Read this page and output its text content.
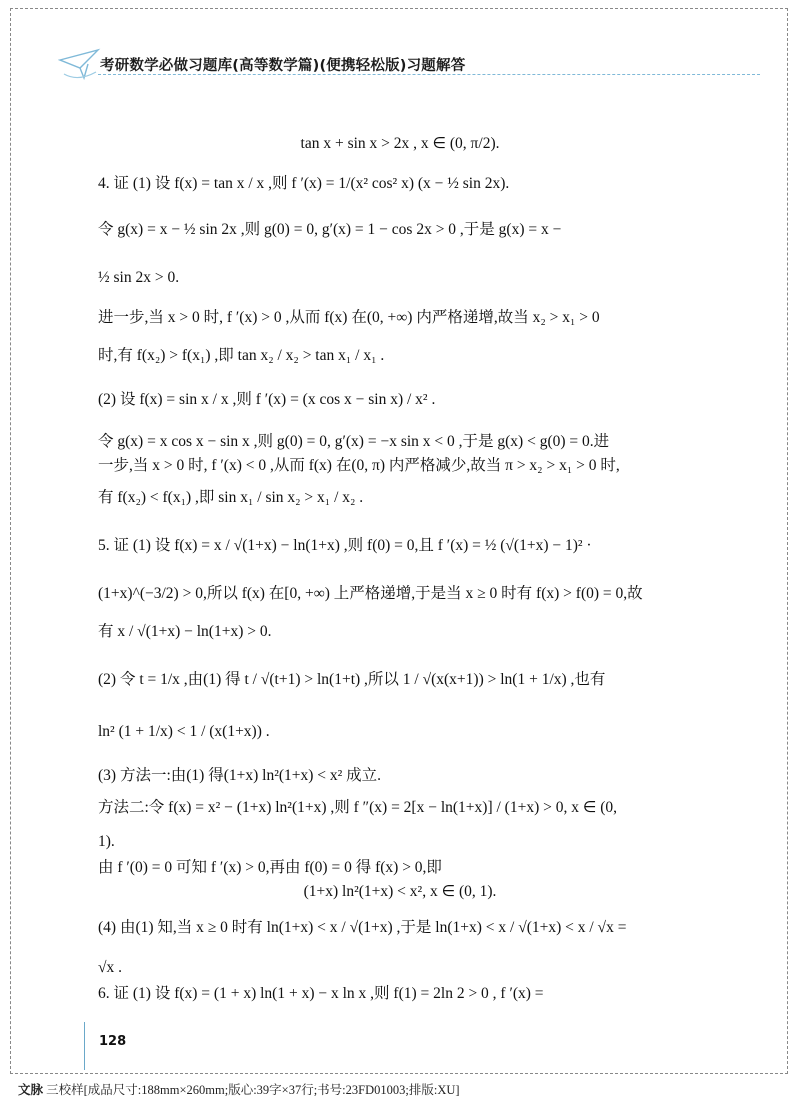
考研数学必做习题库(高等数学篇)(便携轻松版)习题解答
tan x + sin x > 2x , x ∈ (0, π/2).
4. 证 (1) 设 f(x) = tan x / x ,则 f ′(x) = 1/(x² cos² x) (x − ½ sin 2x).
令 g(x) = x − ½ sin 2x ,则 g(0) = 0, g′(x) = 1 − cos 2x > 0 ,于是 g(x) = x −
½ sin 2x > 0.
进一步,当 x > 0 时, f ′(x) > 0 ,从而 f(x) 在(0, +∞) 内严格递增,故当 x₂ > x₁ > 0
时,有 f(x₂) > f(x₁) ,即 tan x₂ / x₂ > tan x₁ / x₁ .
(2) 设 f(x) = sin x / x ,则 f ′(x) = (x cos x − sin x) / x² .
令 g(x) = x cos x − sin x ,则 g(0) = 0, g′(x) = −x sin x < 0 ,于是 g(x) < g(0) = 0.进
一步,当 x > 0 时, f ′(x) < 0 ,从而 f(x) 在(0, π) 内严格减少,故当 π > x₂ > x₁ > 0 时,
有 f(x₂) < f(x₁) ,即 sin x₁ / sin x₂ > x₁ / x₂ .
5. 证 (1) 设 f(x) = x / √(1+x) − ln(1+x) ,则 f(0) = 0,且 f ′(x) = ½ (√(1+x) − 1)² ·
(1+x)^(−3/2) > 0,所以 f(x) 在[0, +∞) 上严格递增,于是当 x ≥ 0 时有 f(x) > f(0) = 0,故
有 x / √(1+x) − ln(1+x) > 0.
(2) 令 t = 1/x ,由(1) 得 t / √(t+1) > ln(1+t) ,所以 1 / √(x(x+1)) > ln(1 + 1/x) ,也有
ln² (1 + 1/x) < 1 / (x(1+x)) .
(3) 方法一:由(1) 得(1+x) ln²(1+x) < x² 成立.
方法二:令 f(x) = x² − (1+x) ln²(1+x) ,则 f ″(x) = 2[x − ln(1+x)] / (1+x) > 0, x ∈ (0,
1).
由 f ′(0) = 0 可知 f ′(x) > 0,再由 f(0) = 0 得 f(x) > 0,即
(1+x) ln²(1+x) < x², x ∈ (0, 1).
(4) 由(1) 知,当 x ≥ 0 时有 ln(1+x) < x / √(1+x) ,于是 ln(1+x) < x / √(1+x) < x / √x =
√x .
6. 证 (1) 设 f(x) = (1 + x) ln(1 + x) − x ln x ,则 f(1) = 2ln 2 > 0 , f ′(x) =
128
文脉 三校样[成品尺寸:188mm×260mm;版心:39字×37行;书号:23FD01003;排版:XU]
